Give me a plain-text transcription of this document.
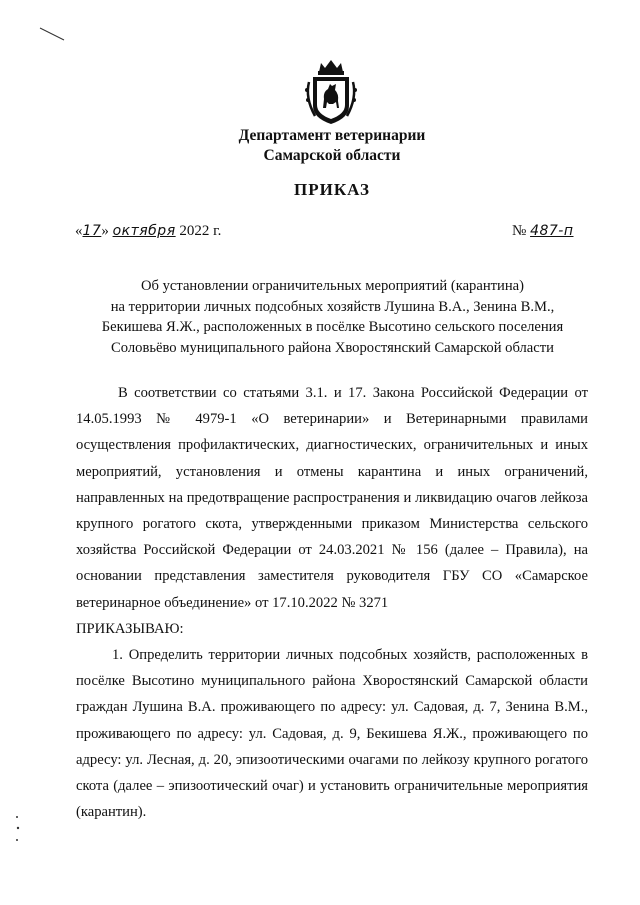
Департамент ветеринарии
Самарской области
ПРИКАЗ
«17» октября 2022 г.	№ 487-п
Об установлении ограничительных мероприятий (карантина)
на территории личных подсобных хозяйств Лушина В.А., Зенина В.М.,
Бекишева Я.Ж., расположенных в посёлке Высотино сельского поселения
Соловьёво муниципального района Хворостянский Самарской области

В соответствии со статьями 3.1. и 17. Закона Российской Федерации от 14.05.1993 № 4979-1 «О ветеринарии» и Ветеринарными правилами осуществления профилактических, диагностических, ограничительных и иных мероприятий, установления и отмены карантина и иных ограничений, направленных на предотвращение распространения и ликвидацию очагов лейкоза крупного рогатого скота, утвержденными приказом Министерства сельского хозяйства Российской Федерации от 24.03.2021 № 156 (далее – Правила), на основании представления заместителя руководителя ГБУ СО «Самарское ветеринарное объединение» от 17.10.2022 № 3271

ПРИКАЗЫВАЮ:

1. Определить территории личных подсобных хозяйств, расположенных в посёлке Высотино муниципального района Хворостянский Самарской области граждан Лушина В.А. проживающего по адресу: ул. Садовая, д. 7, Зенина В.М., проживающего по адресу: ул. Садовая, д. 9, Бекишева Я.Ж., проживающего по адресу: ул. Лесная, д. 20, эпизоотическими очагами по лейкозу крупного рогатого скота (далее – эпизоотический очаг) и установить ограничительные мероприятия (карантин).
